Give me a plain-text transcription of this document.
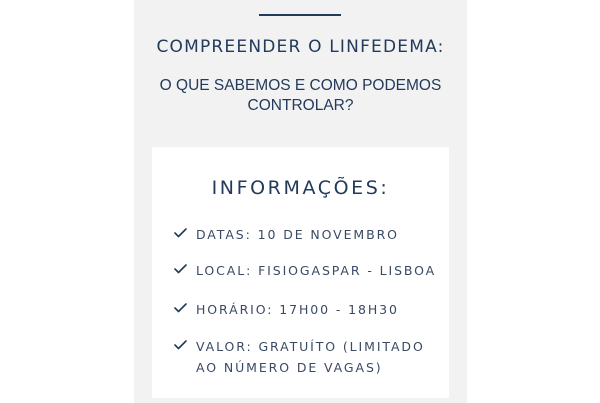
COMPREENDER O LINFEDEMA:

O QUE SABEMOS E COMO PODEMOS
CONTROLAR?

INFORMAÇÕES:
DATAS: 10 DE NOVEMBRO
LOCAL: FISIOGASPAR - LISBOA
HORÁRIO: 17H00 - 18H30
VALOR: GRATUÍTO (LIMITADO AO NÚMERO DE VAGAS)
